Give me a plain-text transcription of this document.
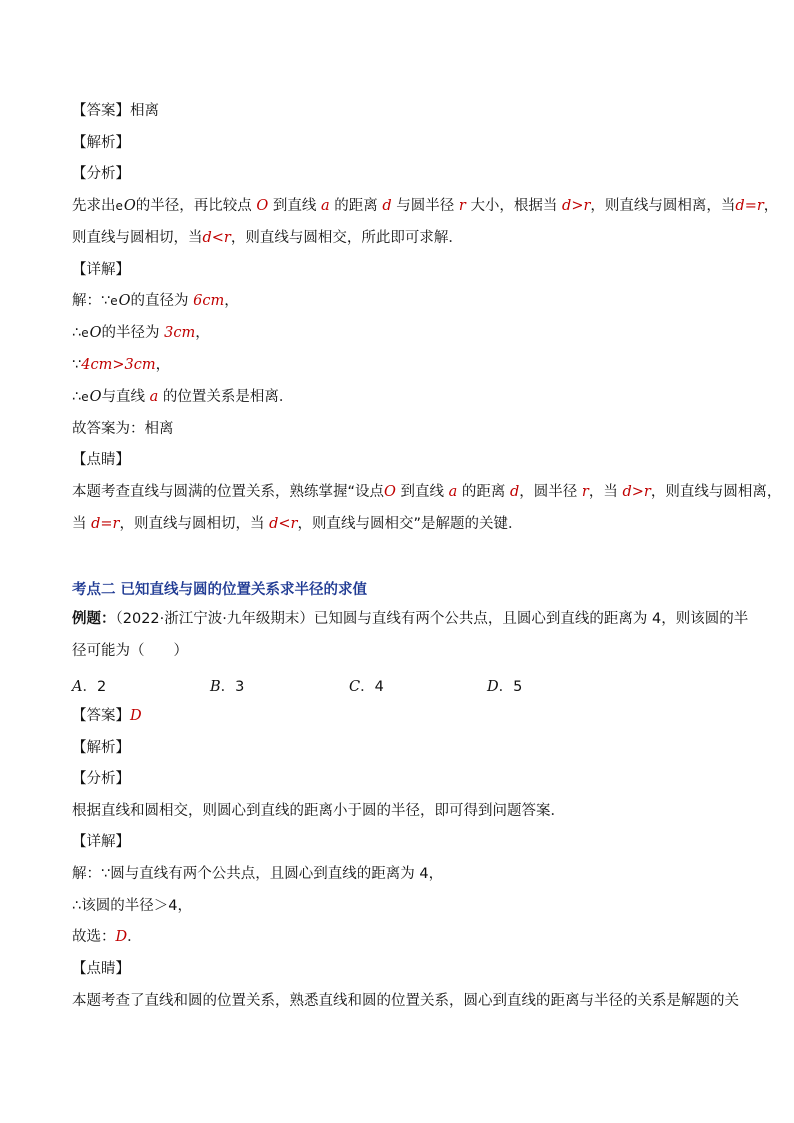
【答案】相离
【解析】
【分析】
先求出eO的半径，再比较点 O 到直线 a 的距离 d 与圆半径 r 大小，根据当 d>r，则直线与圆相离，当d=r，
则直线与圆相切，当d<r，则直线与圆相交，所此即可求解．
【详解】
解：∵eO的直径为 6cm，
∴eO的半径为 3cm，
∵4cm>3cm，
∴eO与直线 a 的位置关系是相离．
故答案为：相离
【点睛】
本题考查直线与圆满的位置关系，熟练掌握“设点O 到直线 a 的距离 d，圆半径 r，当 d>r，则直线与圆相离，
当 d=r，则直线与圆相切，当 d<r，则直线与圆相交”是解题的关键．
考点二 已知直线与圆的位置关系求半径的求值
例题：（2022·浙江宁波·九年级期末）已知圆与直线有两个公共点，且圆心到直线的距离为 4，则该圆的半
径可能为（　　）
A．2	B．3	C．4	D．5
【答案】D
【解析】
【分析】
根据直线和圆相交，则圆心到直线的距离小于圆的半径，即可得到问题答案．
【详解】
解：∵圆与直线有两个公共点，且圆心到直线的距离为 4，
∴该圆的半径＞4，
故选：D．
【点睛】
本题考查了直线和圆的位置关系，熟悉直线和圆的位置关系，圆心到直线的距离与半径的关系是解题的关
